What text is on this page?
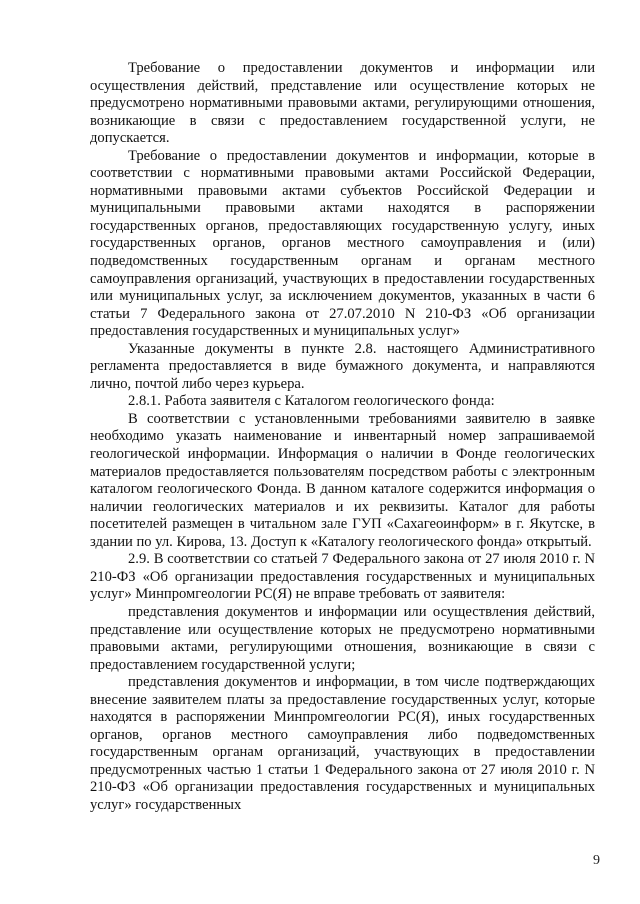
Требование о предоставлении документов и информации или осуществления действий, представление или осуществление которых не предусмотрено нормативными правовыми актами, регулирующими отношения, возникающие в связи с предоставлением государственной услуги, не допускается.

Требование о предоставлении документов и информации, которые в соответствии с нормативными правовыми актами Российской Федерации, нормативными правовыми актами субъектов Российской Федерации и муниципальными правовыми актами находятся в распоряжении государственных органов, предоставляющих государственную услугу, иных государственных органов, органов местного самоуправления и (или) подведомственных государственным органам и органам местного самоуправления организаций, участвующих в предоставлении государственных или муниципальных услуг, за исключением документов, указанных в части 6 статьи 7 Федерального закона от 27.07.2010 N 210-ФЗ «Об организации предоставления государственных и муниципальных услуг»

Указанные документы в пункте 2.8. настоящего Административного регламента предоставляется в виде бумажного документа, и направляются лично, почтой либо через курьера.

2.8.1. Работа заявителя с Каталогом геологического фонда:

В соответствии с установленными требованиями заявителю в заявке необходимо указать наименование и инвентарный номер запрашиваемой геологической информации. Информация о наличии в Фонде геологических материалов предоставляется пользователям посредством работы с электронным каталогом геологического Фонда. В данном каталоге содержится информация о наличии геологических материалов и их реквизиты. Каталог для работы посетителей размещен в читальном зале ГУП «Сахагеоинформ» в г. Якутске, в здании по ул. Кирова, 13. Доступ к «Каталогу геологического фонда» открытый.

2.9. В соответствии со статьей 7 Федерального закона от 27 июля 2010 г. N 210-ФЗ «Об организации предоставления государственных и муниципальных услуг» Минпромгеологии РС(Я) не вправе требовать от заявителя:

представления документов и информации или осуществления действий, представление или осуществление которых не предусмотрено нормативными правовыми актами, регулирующими отношения, возникающие в связи с предоставлением государственной услуги;

представления документов и информации, в том числе подтверждающих внесение заявителем платы за предоставление государственных услуг, которые находятся в распоряжении Минпромгеологии РС(Я), иных государственных органов, органов местного самоуправления либо подведомственных государственным органам организаций, участвующих в предоставлении предусмотренных частью 1 статьи 1 Федерального закона от 27 июля 2010 г. N 210-ФЗ «Об организации предоставления государственных и муниципальных услуг» государственных

9
